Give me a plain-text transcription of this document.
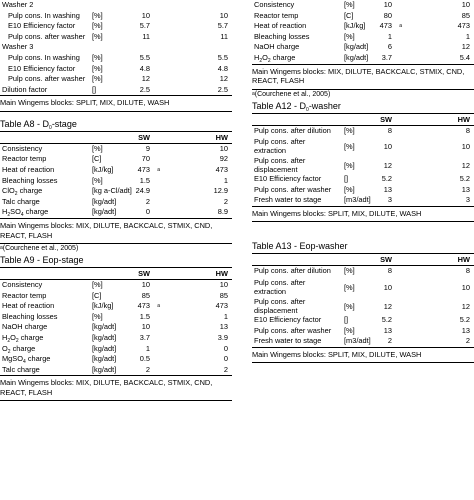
Washer 2
Pulp cons. In washing	[%]	10	10
E10 Efficiency factor	[%]	5.7	5.7
Pulp cons. after washer [%]	11	11
Washer 3
Pulp cons. In washing	[%]	5.5	5.5
E10 Efficiency factor	[%]	4.8	4.8
Pulp cons. after washer [%]	12	12
Dilution factor	[]	2.5	2.5
Main Wingems blocks: SPLIT, MIX, DILUTE, WASH
Table $A8 - D_0$-stage
SW	HW
Consistency	[%]	9	10
Reactor temp	[C]	70	92
Heat of reaction	[kJ/kg]	473	473
a
Bleaching losses	[%]	1.5	1
ClO$_2$ charge	[kg a-Cl/adt] 24.9	12.9
Talc charge	[kg/adt]	2	2
$H_2SO_4$ charge	[kg/adt]	0	8.9
Main Wingems blocks: MIX, DILUTE, BACKCALC, STMIX, CND, REACT, FLASH
a(Courchene et al., 2005)
Table A9 - Eop-stage
SW	HW
Consistency	[%]	10	10
Reactor temp	[C]	85	85
Heat of reaction	[kJ/kg]	473	473
a
Bleaching losses	[%]	1.5	1
NaOH charge	[kg/adt]	10	13
$H_2O_2$ charge	[kg/adt]	3.7	3.9
$O_2$ charge	[kg/adt]	1	0
MgSO$_4$ charge	[kg/adt]	0.5	0
Talc charge	[kg/adt]	2	2
Main Wingems blocks: MIX, DILUTE, BACKCALC, STMIX, CND, REACT, FLASH
Consistency	[%]	10	10
Reactor temp	[C]	80	85
Heat of reaction	[kJ/kg] 473	473
a
Bleaching losses	[%]	1	1
NaOH charge	[kg/adt]	6	12
$H_2O_2$ charge	[kg/adt] 3.7	5.4
Main Wingems blocks: MIX, DILUTE, BACKCALC, STMIX, CND, REACT, FLASH
a(Courchene et al., 2005)
Table $A12 - D_0$-washer
SW	HW
Pulp cons. after dilution	[%]	8	8
Pulp cons. after extraction	[%]	10	10
Pulp cons. after displacement	[%]	12	12
E10 Efficiency factor	[]	5.2	5.2
Pulp cons. after washer	[%]	13	13
Fresh water to stage	[m3/adt] 3	3
Main Wingems blocks: SPLIT, MIX, DILUTE, WASH
Table A13 - Eop-washer
SW	HW
Pulp cons. after dilution	[%]	8	8
Pulp cons. after extraction	[%]	10	10
Pulp cons. after displacement	[%]	12	12
E10 Efficiency factor	[]	5.2	5.2
Pulp cons. after washer	[%]	13	13
Fresh water to stage	[m3/adt] 2	2
Main Wingems blocks: SPLIT, MIX, DILUTE, WASH
